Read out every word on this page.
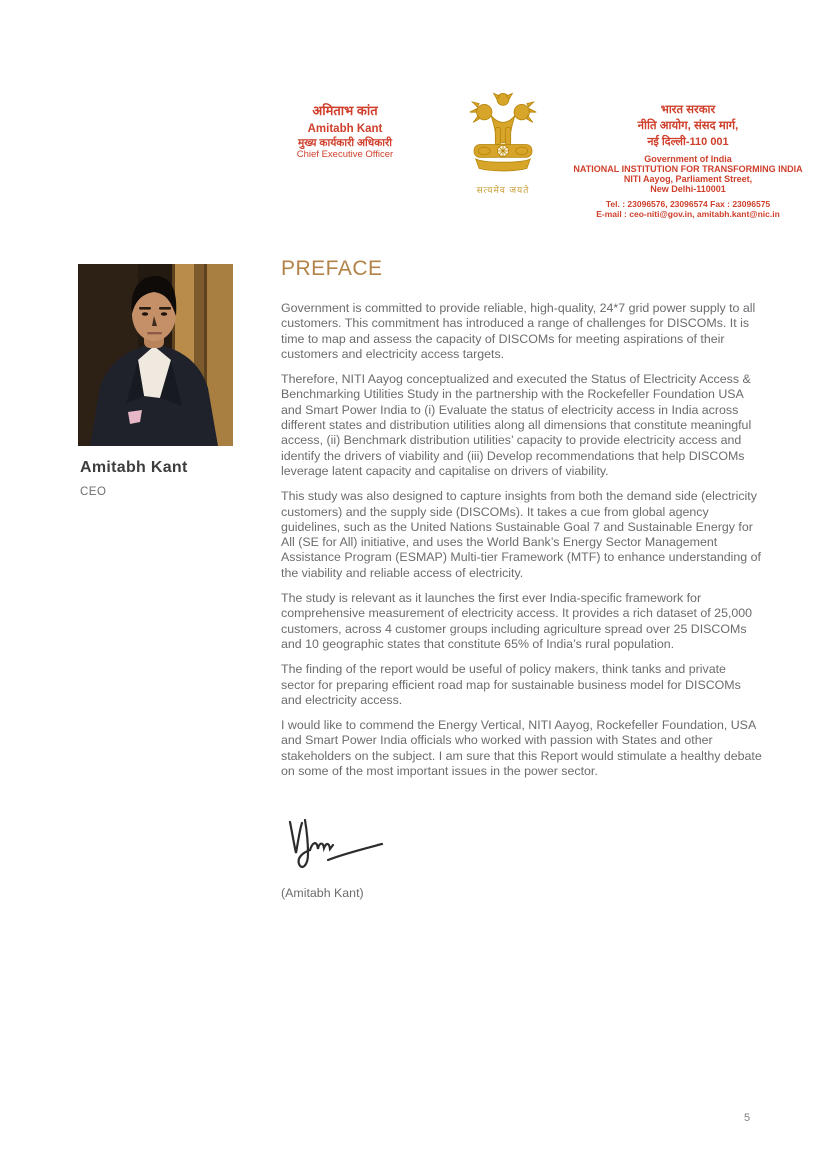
अमिताभ कांत
Amitabh Kant
मुख्य कार्यकारी अधिकारी
Chief Executive Officer
सत्यमेव जयते
भारत सरकार
नीति आयोग, संसद मार्ग,
नई दिल्ली-110 001
Government of India
NATIONAL INSTITUTION FOR TRANSFORMING INDIA
NITI Aayog, Parliament Street,
New Delhi-110001
Tel. : 23096576, 23096574 Fax : 23096575
E-mail : ceo-niti@gov.in, amitabh.kant@nic.in
Amitabh Kant
CEO
PREFACE

Government is committed to provide reliable, high-quality, 24*7 grid power supply to all customers. This commitment has introduced a range of challenges for DISCOMs. It is time to map and assess the capacity of DISCOMs for meeting aspirations of their customers and electricity access targets.

Therefore, NITI Aayog conceptualized and executed the Status of Electricity Access & Benchmarking Utilities Study in the partnership with the Rockefeller Foundation USA and Smart Power India to (i) Evaluate the status of electricity access in India across different states and distribution utilities along all dimensions that constitute meaningful access, (ii) Benchmark distribution utilities’ capacity to provide electricity access and identify the drivers of viability and (iii) Develop recommendations that help DISCOMs leverage latent capacity and capitalise on drivers of viability.

This study was also designed to capture insights from both the demand side (electricity customers) and the supply side (DISCOMs). It takes a cue from global agency guidelines, such as the United Nations Sustainable Goal 7 and Sustainable Energy for All (SE for All) initiative, and uses the World Bank’s Energy Sector Management Assistance Program (ESMAP) Multi-tier Framework (MTF) to enhance understanding of the viability and reliable access of electricity.

The study is relevant as it launches the first ever India-specific framework for comprehensive measurement of electricity access. It provides a rich dataset of 25,000 customers, across 4 customer groups including agriculture spread over 25 DISCOMs and 10 geographic states that constitute 65% of India’s rural population.

The finding of the report would be useful of policy makers, think tanks and private sector for preparing efficient road map for sustainable business model for DISCOMs and electricity access.

I would like to commend the Energy Vertical, NITI Aayog, Rockefeller Foundation, USA and Smart Power India officials who worked with passion with States and other stakeholders on the subject. I am sure that this Report would stimulate a healthy debate on some of the most important issues in the power sector.

(Amitabh Kant)
5
